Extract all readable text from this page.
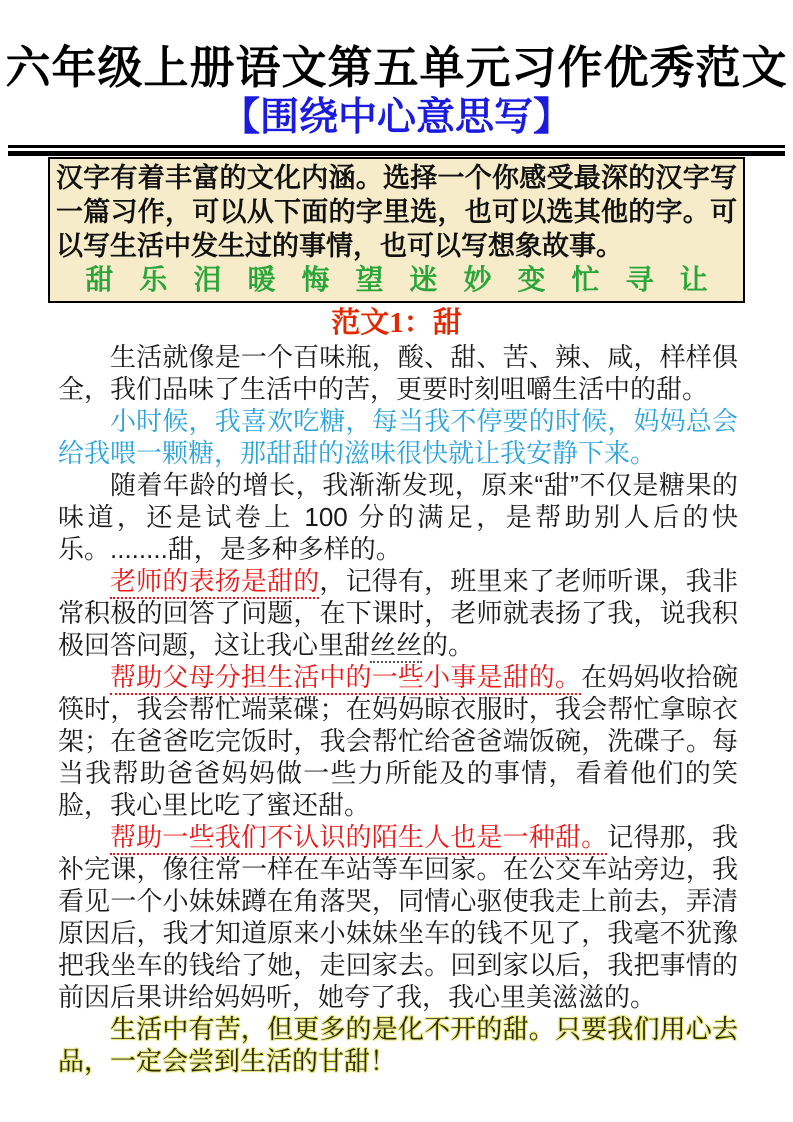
六年级上册语文第五单元习作优秀范文
【围绕中心意思写】

汉字有着丰富的文化内涵。选择一个你感受最深的汉字写一篇习作，可以从下面的字里选，也可以选其他的字。可以写生活中发生过的事情，也可以写想象故事。

甜 乐 泪 暖 悔 望 迷 妙 变 忙 寻 让
范文1：甜

生活就像是一个百味瓶，酸、甜、苦、辣、咸，样样俱全，我们品味了生活中的苦，更要时刻咀嚼生活中的甜。

小时候，我喜欢吃糖，每当我不停要的时候，妈妈总会给我喂一颗糖，那甜甜的滋味很快就让我安静下来。

随着年龄的增长，我渐渐发现，原来“甜”不仅是糖果的味道，还是试卷上 100 分的满足，是帮助别人后的快乐。........甜，是多种多样的。

老师的表扬是甜的，记得有，班里来了老师听课，我非常积极的回答了问题，在下课时，老师就表扬了我，说我积极回答问题，这让我心里甜丝丝的。

帮助父母分担生活中的一些小事是甜的。在妈妈收拾碗筷时，我会帮忙端菜碟；在妈妈晾衣服时，我会帮忙拿晾衣架；在爸爸吃完饭时，我会帮忙给爸爸端饭碗，洗碟子。每当我帮助爸爸妈妈做一些力所能及的事情，看着他们的笑脸，我心里比吃了蜜还甜。

帮助一些我们不认识的陌生人也是一种甜。记得那，我补完课，像往常一样在车站等车回家。在公交车站旁边，我看见一个小妹妹蹲在角落哭，同情心驱使我走上前去，弄清原因后，我才知道原来小妹妹坐车的钱不见了，我毫不犹豫把我坐车的钱给了她，走回家去。回到家以后，我把事情的前因后果讲给妈妈听，她夸了我，我心里美滋滋的。

生活中有苦，但更多的是化不开的甜。只要我们用心去品，一定会尝到生活的甘甜！
